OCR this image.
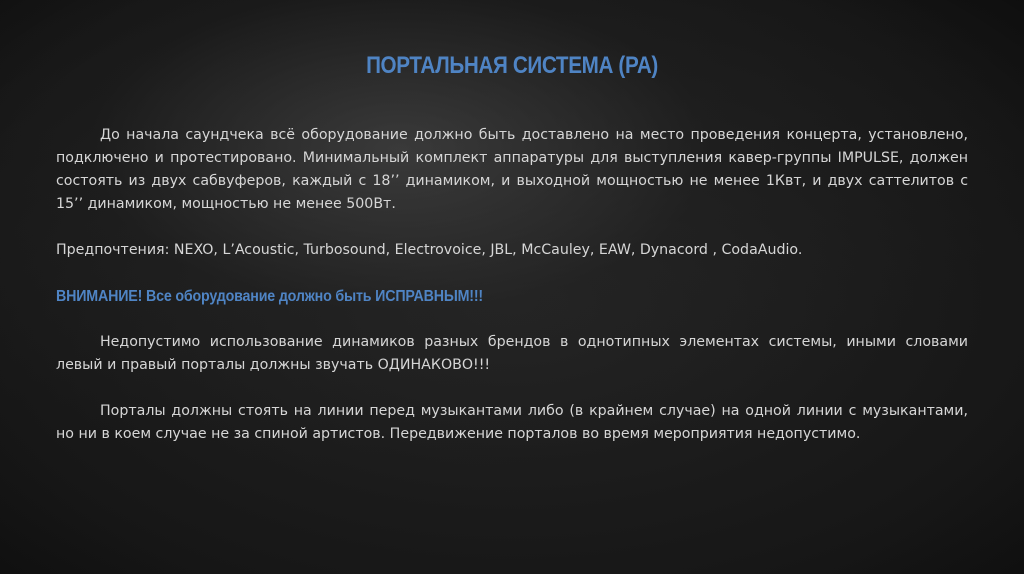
ПОРТАЛЬНАЯ СИСТЕМА (PA)

До начала саундчека всё оборудование должно быть доставлено на место проведения концерта, установлено, подключено и протестировано. Минимальный комплект аппаратуры для выступления кавер-группы IMPULSE, должен состоять из двух сабвуферов, каждый с 18’’ динамиком, и выходной мощностью не менее 1Квт, и двух саттелитов с 15’’ динамиком, мощностью не менее 500Вт.

Предпочтения: NEXO, L’Acoustic, Turbosound, Electrovoice, JBL, McCauley, EAW, Dynacord , CodaAudio.

ВНИМАНИЕ! Все оборудование должно быть ИСПРАВНЫМ!!!

Недопустимо использование динамиков разных брендов в однотипных элементах системы, иными словами левый и правый порталы должны звучать ОДИНАКОВО!!!

Порталы должны стоять на линии перед музыкантами либо (в крайнем случае) на одной линии с музыкантами, но ни в коем случае не за спиной артистов. Передвижение порталов во время мероприятия недопустимо.
